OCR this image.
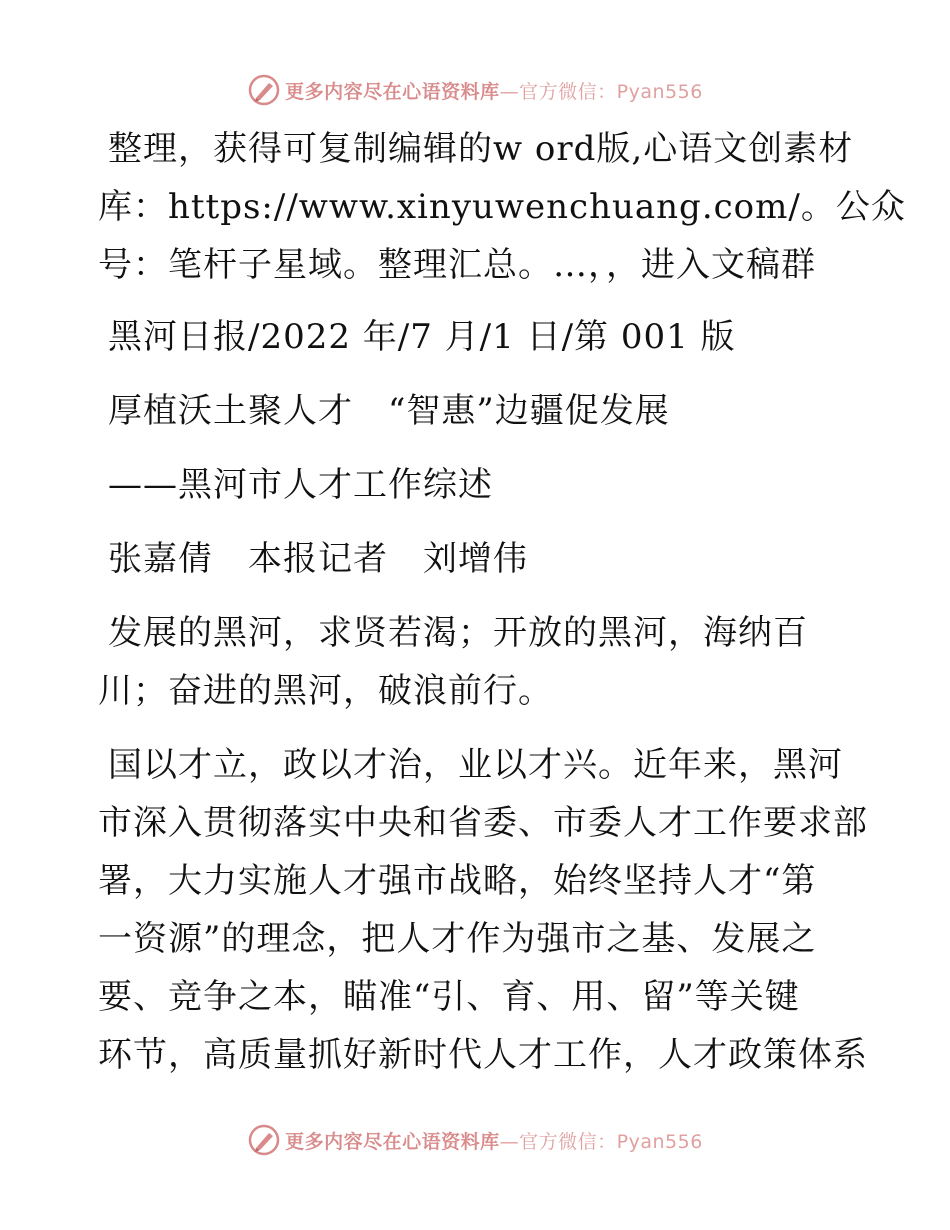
更多内容尽在心语资料库—官方微信：Pyan556
整理，获得可复制编辑的w ord版,心语文创素材
库：https://www.xinyuwenchuang.com/。公众
号：笔杆子星域。整理汇总。…，，进入文稿群
黑河日报/2022 年/7 月/1 日/第 001 版
厚植沃土聚人才　“智惠”边疆促发展
——黑河市人才工作综述
张嘉倩　本报记者　刘增伟
发展的黑河，求贤若渴；开放的黑河，海纳百
川；奋进的黑河，破浪前行。
国以才立，政以才治，业以才兴。近年来，黑河
市深入贯彻落实中央和省委、市委人才工作要求部
署，大力实施人才强市战略，始终坚持人才“第
一资源”的理念，把人才作为强市之基、发展之
要、竞争之本，瞄准“引、育、用、留”等关键
环节，高质量抓好新时代人才工作，人才政策体系
更多内容尽在心语资料库—官方微信：Pyan556
